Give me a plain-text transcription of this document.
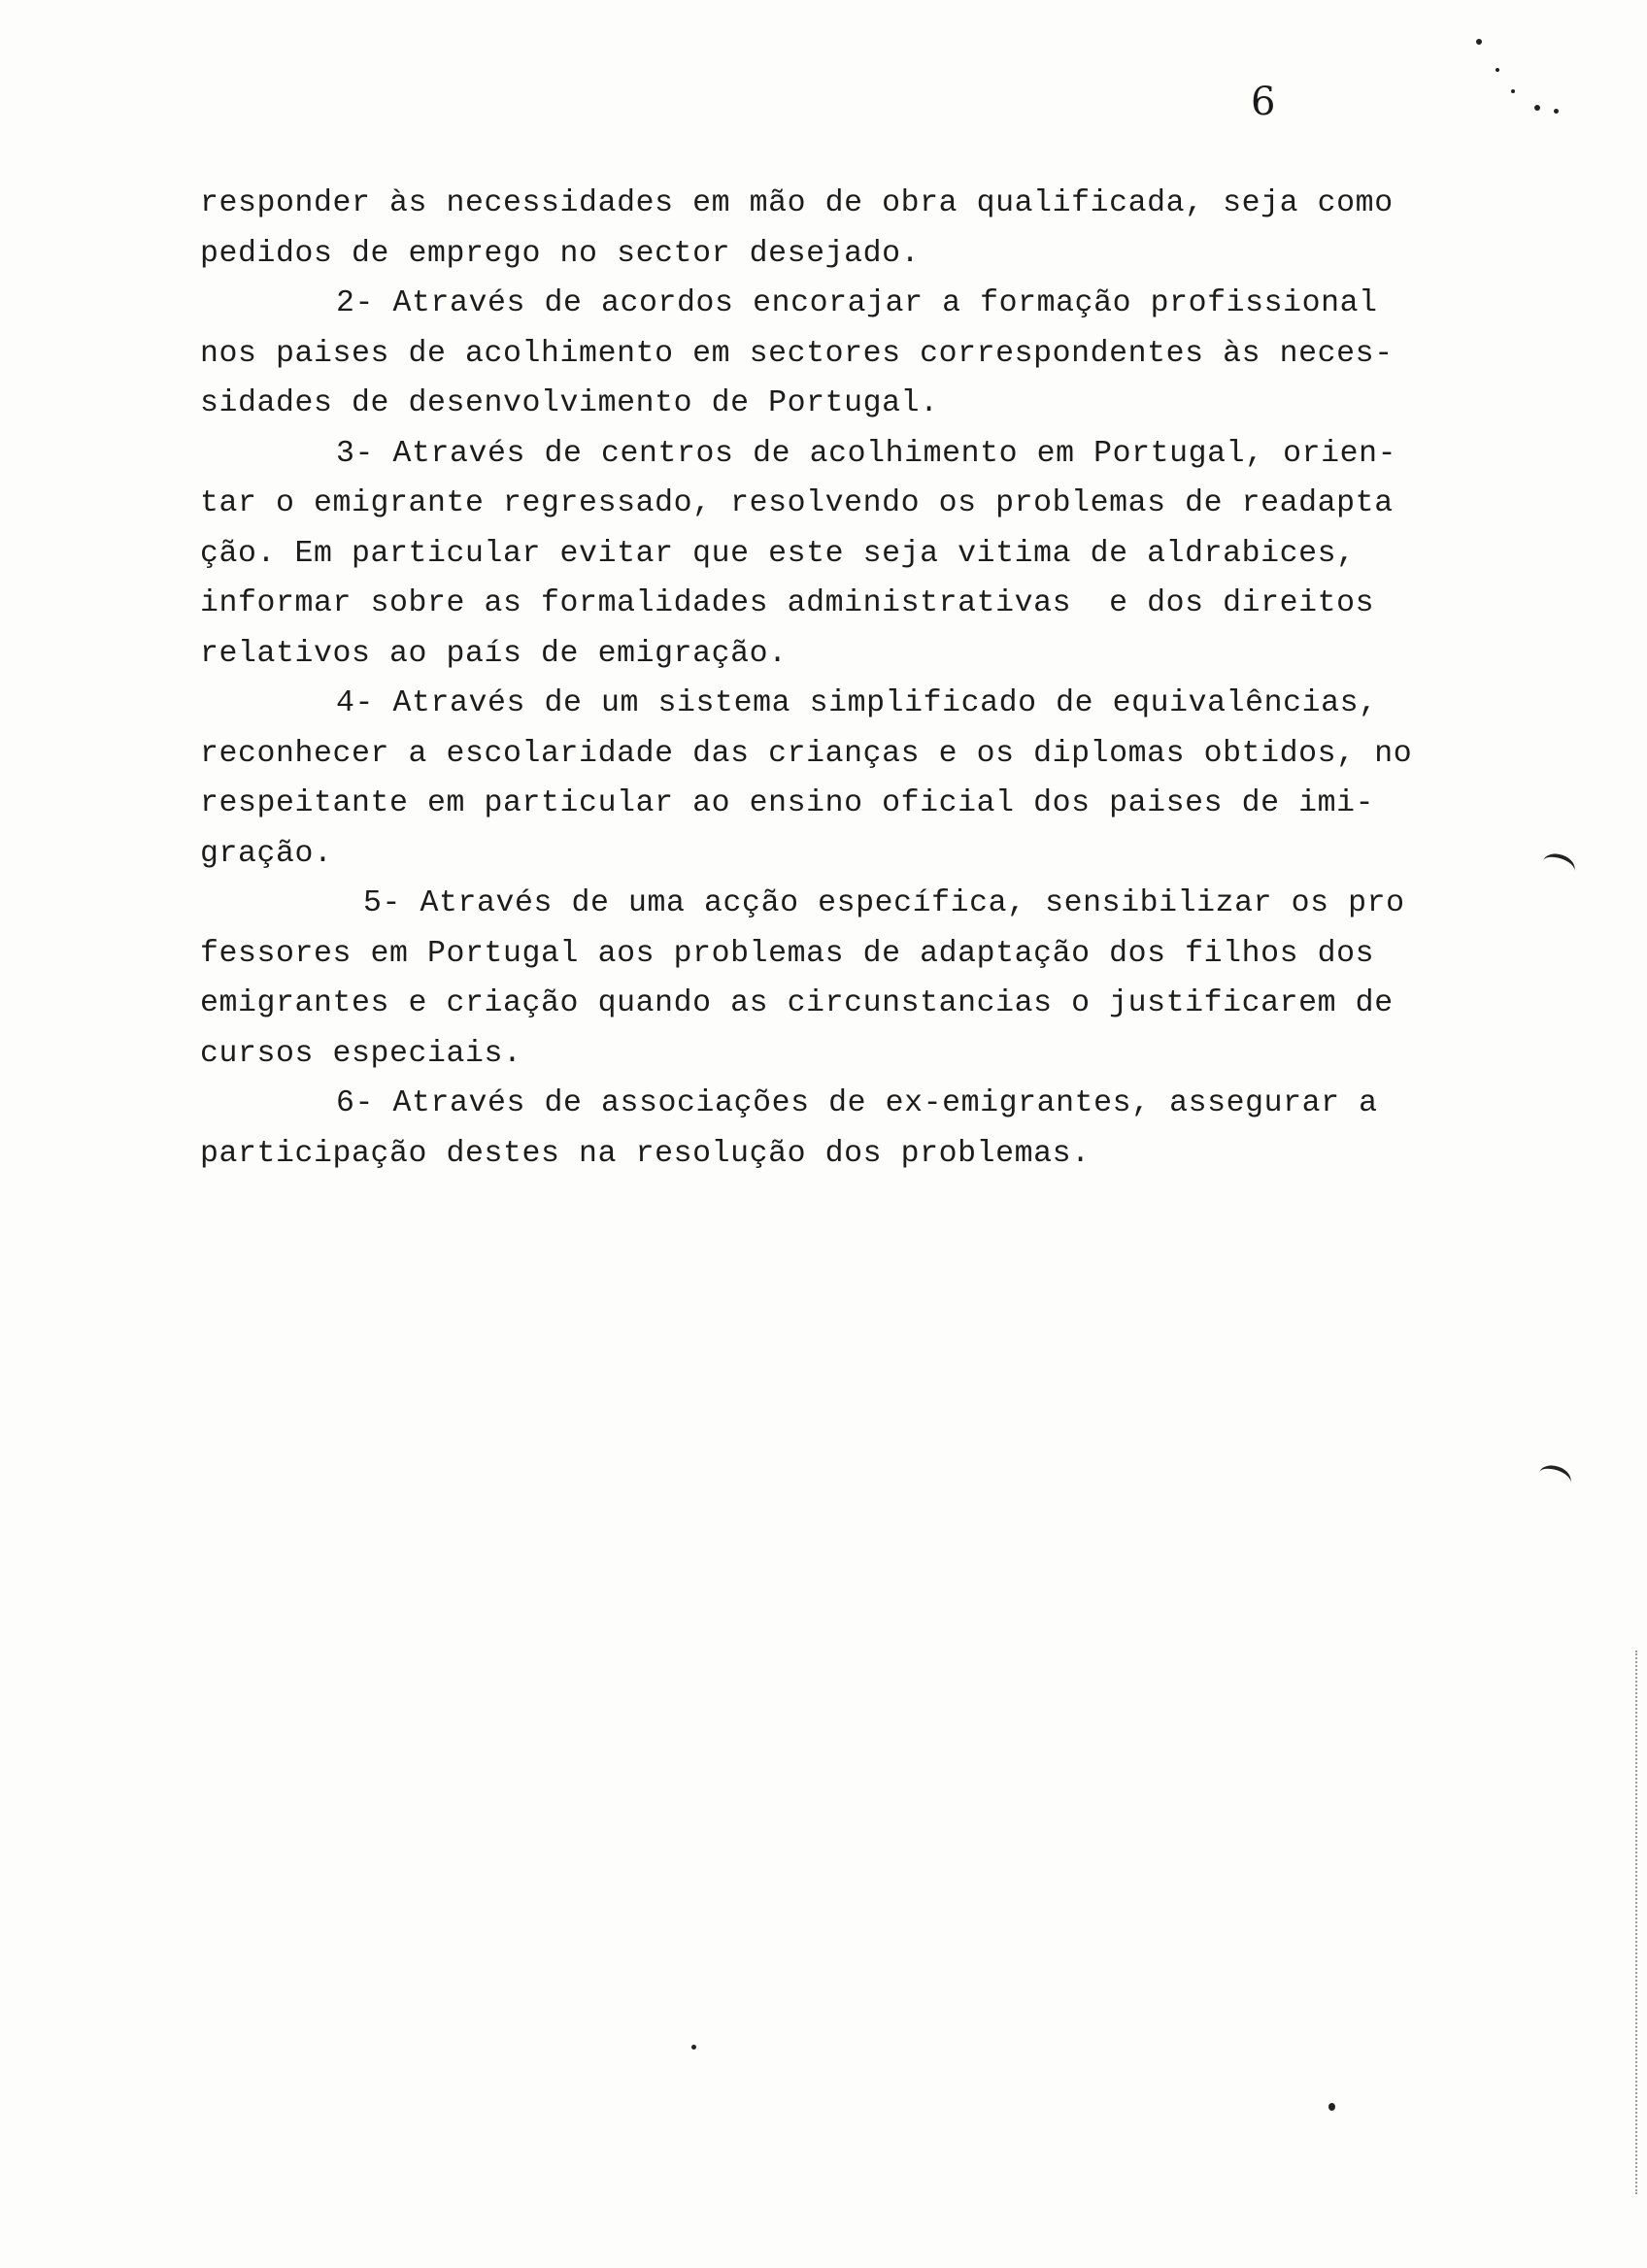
6
responder às necessidades em mão de obra qualificada, seja como
pedidos de emprego no sector desejado.
2- Através de acordos encorajar a formação profissional
nos paises de acolhimento em sectores correspondentes às neces-
sidades de desenvolvimento de Portugal.
3- Através de centros de acolhimento em Portugal, orien-
tar o emigrante regressado, resolvendo os problemas de readapta
ção. Em particular evitar que este seja vitima de aldrabices,
informar sobre as formalidades administrativas  e dos direitos
relativos ao país de emigração.
4- Através de um sistema simplificado de equivalências,
reconhecer a escolaridade das crianças e os diplomas obtidos, no
respeitante em particular ao ensino oficial dos paises de imi-
gração.
5- Através de uma acção específica, sensibilizar os pro
fessores em Portugal aos problemas de adaptação dos filhos dos
emigrantes e criação quando as circunstancias o justificarem de
cursos especiais.
6- Através de associações de ex-emigrantes, assegurar a
participação destes na resolução dos problemas.
